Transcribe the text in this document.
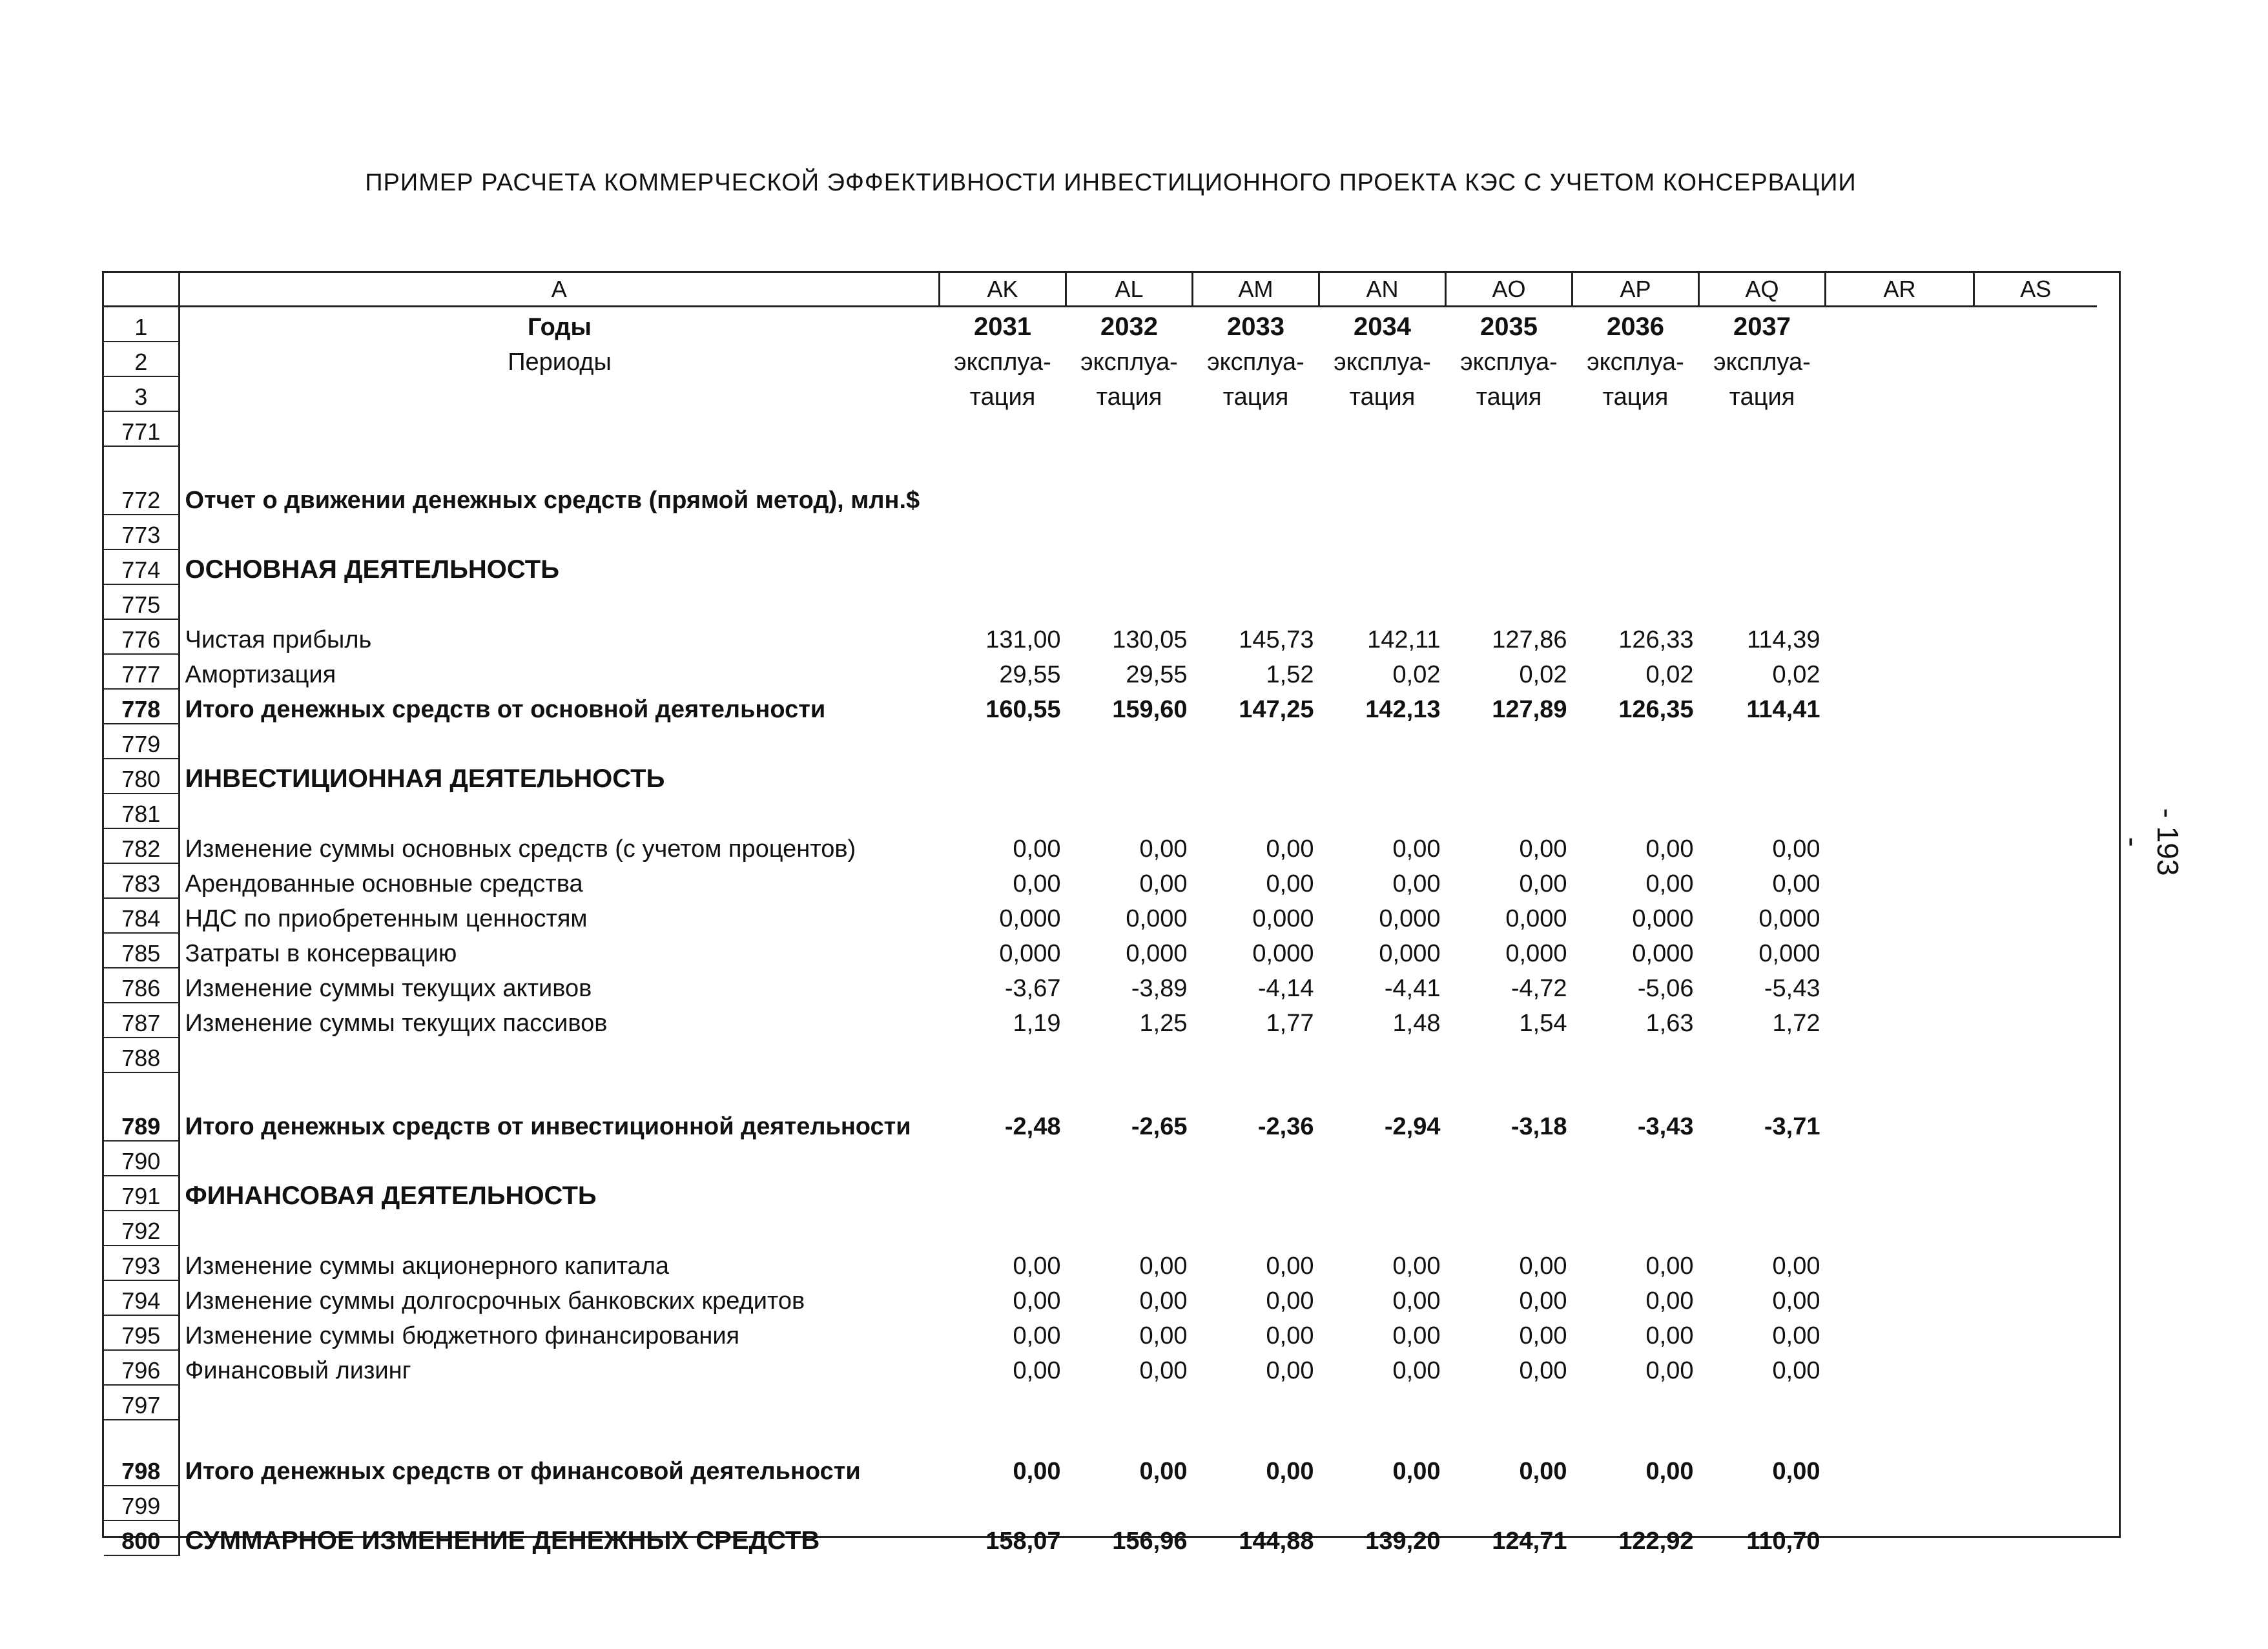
ПРИМЕР РАСЧЕТА КОММЕРЧЕСКОЙ ЭФФЕКТИВНОСТИ ИНВЕСТИЦИОННОГО ПРОЕКТА КЭС С УЧЕТОМ КОНСЕРВАЦИИ
- 193 -
	A	AK	AL	AM	AN	AO	AP	AQ	AR	AS
1	Годы	2031	2032	2033	2034	2035	2036	2037		
2	Периоды	эксплуа-	эксплуа-	эксплуа-	эксплуа-	эксплуа-	эксплуа-	эксплуа-		
3		тация	тация	тация	тация	тация	тация	тация		
771										
772	Отчет о движении денежных средств (прямой метод), млн.$									
773										
774	ОСНОВНАЯ ДЕЯТЕЛЬНОСТЬ									
775										
776	Чистая прибыль	131,00	130,05	145,73	142,11	127,86	126,33	114,39		
777	Амортизация	29,55	29,55	1,52	0,02	0,02	0,02	0,02		
778	Итого денежных средств от основной деятельности	160,55	159,60	147,25	142,13	127,89	126,35	114,41		
779										
780	ИНВЕСТИЦИОННАЯ ДЕЯТЕЛЬНОСТЬ									
781										
782	Изменение суммы основных средств (с учетом процентов)	0,00	0,00	0,00	0,00	0,00	0,00	0,00		
783	Арендованные основные средства	0,00	0,00	0,00	0,00	0,00	0,00	0,00		
784	НДС по приобретенным ценностям	0,000	0,000	0,000	0,000	0,000	0,000	0,000		
785	Затраты в консервацию	0,000	0,000	0,000	0,000	0,000	0,000	0,000		
786	Изменение суммы текущих активов	-3,67	-3,89	-4,14	-4,41	-4,72	-5,06	-5,43		
787	Изменение суммы текущих пассивов	1,19	1,25	1,77	1,48	1,54	1,63	1,72		
788										
789	Итого денежных средств от инвестиционной деятельности	-2,48	-2,65	-2,36	-2,94	-3,18	-3,43	-3,71		
790										
791	ФИНАНСОВАЯ ДЕЯТЕЛЬНОСТЬ									
792										
793	Изменение суммы акционерного капитала	0,00	0,00	0,00	0,00	0,00	0,00	0,00		
794	Изменение суммы долгосрочных банковских кредитов	0,00	0,00	0,00	0,00	0,00	0,00	0,00		
795	Изменение суммы бюджетного финансирования	0,00	0,00	0,00	0,00	0,00	0,00	0,00		
796	Финансовый лизинг	0,00	0,00	0,00	0,00	0,00	0,00	0,00		
797										
798	Итого денежных средств от финансовой деятельности	0,00	0,00	0,00	0,00	0,00	0,00	0,00		
799										
800	СУММАРНОЕ ИЗМЕНЕНИЕ ДЕНЕЖНЫХ СРЕДСТВ	158,07	156,96	144,88	139,20	124,71	122,92	110,70		
